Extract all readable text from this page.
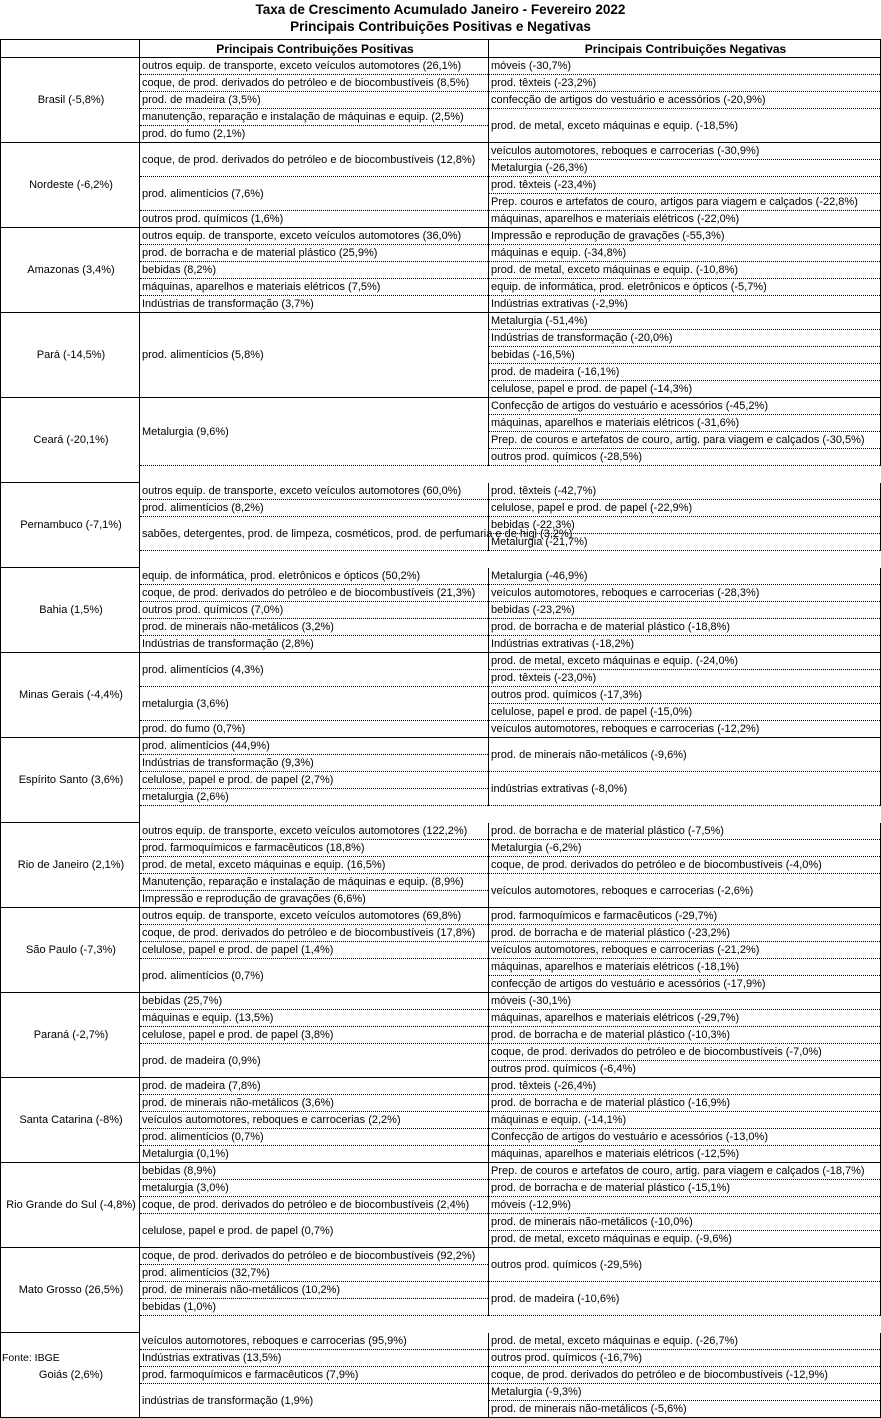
Taxa de Crescimento Acumulado Janeiro - Fevereiro 2022
Principais Contribuições Positivas e Negativas
	Principais Contribuições Positivas	Principais Contribuições Negativas
Brasil (-5,8%)	outros equip. de transporte, exceto veículos automotores (26,1%)	móveis (-30,7%)
	coque, de prod. derivados do petróleo e de biocombustíveis (8,5%)	prod. têxteis (-23,2%)
	prod. de madeira (3,5%)	confecção de artigos do vestuário e acessórios (-20,9%)
	manutenção, reparação e instalação de máquinas e equip. (2,5%)	prod. de metal, exceto máquinas e equip. (-18,5%)
	prod. do fumo (2,1%)	
Nordeste (-6,2%)	coque, de prod. derivados do petróleo e de biocombustíveis (12,8%)	veículos automotores, reboques e carrocerias (-30,9%)
		Metalurgia (-26,3%)
	prod. alimentícios (7,6%)	prod. têxteis (-23,4%)
		Prep. couros e artefatos de couro, artigos para viagem e calçados (-22,8%)
	outros prod. químicos (1,6%)	máquinas, aparelhos e materiais elétricos (-22,0%)
Amazonas (3,4%)	outros equip. de transporte, exceto veículos automotores (36,0%)	Impressão e reprodução de gravações (-55,3%)
	prod. de borracha e de material plástico (25,9%)	máquinas e equip. (-34,8%)
	bebidas (8,2%)	prod. de metal, exceto máquinas e equip. (-10,8%)
	máquinas, aparelhos e materiais elétricos (7,5%)	equip. de informática, prod. eletrônicos e ópticos (-5,7%)
	Indústrias de transformação (3,7%)	Indústrias extrativas (-2,9%)
Pará (-14,5%)	prod. alimentícios (5,8%)	Metalurgia (-51,4%)
		Indústrias de transformação (-20,0%)
		bebidas (-16,5%)
		prod. de madeira (-16,1%)
		celulose, papel e prod. de papel (-14,3%)
Ceará (-20,1%)	Metalurgia (9,6%)	Confecção de artigos do vestuário e acessórios (-45,2%)
		máquinas, aparelhos e materiais elétricos (-31,6%)
		Prep. de couros e artefatos de couro, artig. para viagem e calçados (-30,5%)
		outros prod. químicos (-28,5%)

Pernambuco (-7,1%)	outros equip. de transporte, exceto veículos automotores (60,0%)	prod. têxteis (-42,7%)
	prod. alimentícios (8,2%)	celulose, papel e prod. de papel (-22,9%)
	sabões, detergentes, prod. de limpeza, cosméticos, prod. de perfumaria e de higi (3,2%)	bebidas (-22,3%)
		Metalurgia (-21,7%)

Bahia (1,5%)	equip. de informática, prod. eletrônicos e ópticos (50,2%)	Metalurgia (-46,9%)
	coque, de prod. derivados do petróleo e de biocombustíveis (21,3%)	veículos automotores, reboques e carrocerias (-28,3%)
	outros prod. químicos (7,0%)	bebidas (-23,2%)
	prod. de minerais não-metálicos (3,2%)	prod. de borracha e de material plástico (-18,8%)
	Indústrias de transformação (2,8%)	Indústrias extrativas (-18,2%)
Minas Gerais (-4,4%)	prod. alimentícios (4,3%)	prod. de metal, exceto máquinas e equip. (-24,0%)
		prod. têxteis (-23,0%)
	metalurgia (3,6%)	outros prod. químicos (-17,3%)
		celulose, papel e prod. de papel (-15,0%)
	prod. do fumo (0,7%)	veículos automotores, reboques e carrocerias (-12,2%)
Espírito Santo (3,6%)	prod. alimentícios (44,9%)	prod. de minerais não-metálicos (-9,6%)
	Indústrias de transformação (9,3%)	
	celulose, papel e prod. de papel (2,7%)	indústrias extrativas (-8,0%)
	metalurgia (2,6%)	

Rio de Janeiro (2,1%)	outros equip. de transporte, exceto veículos automotores (122,2%)	prod. de borracha e de material plástico (-7,5%)
	prod. farmoquímicos e farmacêuticos (18,8%)	Metalurgia (-6,2%)
	prod. de metal, exceto máquinas e equip. (16,5%)	coque, de prod. derivados do petróleo e de biocombustíveis (-4,0%)
	Manutenção, reparação e instalação de máquinas e equip. (8,9%)	veículos automotores, reboques e carrocerias (-2,6%)
	Impressão e reprodução de gravações (6,6%)	
São Paulo (-7,3%)	outros equip. de transporte, exceto veículos automotores (69,8%)	prod. farmoquímicos e farmacêuticos (-29,7%)
	coque, de prod. derivados do petróleo e de biocombustíveis (17,8%)	prod. de borracha e de material plástico (-23,2%)
	celulose, papel e prod. de papel (1,4%)	veículos automotores, reboques e carrocerias (-21,2%)
	prod. alimentícios (0,7%)	máquinas, aparelhos e materiais elétricos (-18,1%)
		confecção de artigos do vestuário e acessórios (-17,9%)
Paraná (-2,7%)	bebidas (25,7%)	móveis (-30,1%)
	máquinas e equip. (13,5%)	máquinas, aparelhos e materiais elétricos (-29,7%)
	celulose, papel e prod. de papel (3,8%)	prod. de borracha e de material plástico (-10,3%)
	prod. de madeira (0,9%)	coque, de prod. derivados do petróleo e de biocombustíveis (-7,0%)
		outros prod. químicos (-6,4%)
Santa Catarina (-8%)	prod. de madeira (7,8%)	prod. têxteis (-26,4%)
	prod. de minerais não-metálicos (3,6%)	prod. de borracha e de material plástico (-16,9%)
	veículos automotores, reboques e carrocerias (2,2%)	máquinas e equip. (-14,1%)
	prod. alimentícios (0,7%)	Confecção de artigos do vestuário e acessórios (-13,0%)
	Metalurgia (0,1%)	máquinas, aparelhos e materiais elétricos (-12,5%)
Rio Grande do Sul (-4,8%)	bebidas (8,9%)	Prep. de couros e artefatos de couro, artig. para viagem e calçados (-18,7%)
	metalurgia (3,0%)	prod. de borracha e de material plástico (-15,1%)
	coque, de prod. derivados do petróleo e de biocombustíveis (2,4%)	móveis (-12,9%)
	celulose, papel e prod. de papel (0,7%)	prod. de minerais não-metálicos (-10,0%)
		prod. de metal, exceto máquinas e equip. (-9,6%)
Mato Grosso (26,5%)	coque, de prod. derivados do petróleo e de biocombustíveis (92,2%)	outros prod. químicos (-29,5%)
	prod. alimentícios (32,7%)	
	prod. de minerais não-metálicos (10,2%)	prod. de madeira (-10,6%)
	bebidas (1,0%)	

Goiás (2,6%)	veículos automotores, reboques e carrocerias (95,9%)	prod. de metal, exceto máquinas e equip. (-26,7%)
	Indústrias extrativas (13,5%)	outros prod. químicos (-16,7%)
	prod. farmoquímicos e farmacêuticos (7,9%)	coque, de prod. derivados do petróleo e de biocombustíveis (-12,9%)
	indústrias de transformação (1,9%)	Metalurgia (-9,3%)
		prod. de minerais não-metálicos (-5,6%)
Fonte: IBGE
